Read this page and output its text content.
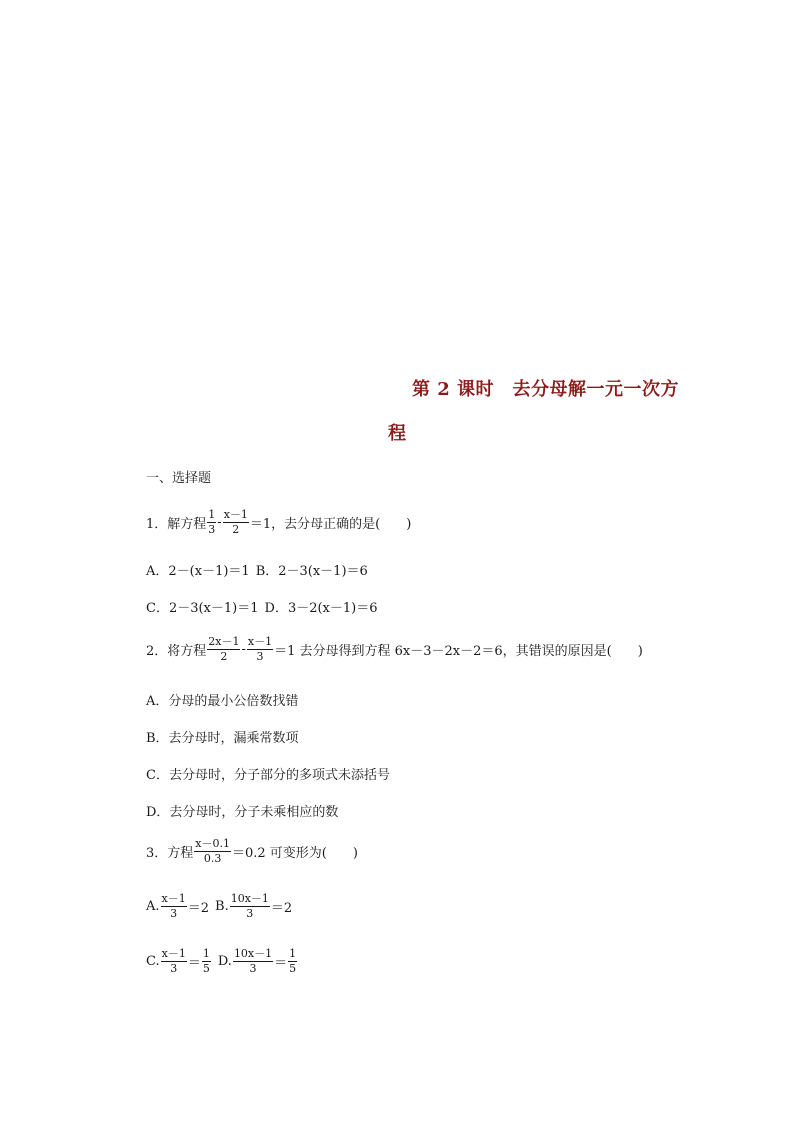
第 2 课时　去分母解一元一次方
程
一、选择题
1．解方程 $\frac{1}{3} - \frac{x-1}{2} =1$，去分母正确的是(　　)
A．2－(x－1)＝1 B．2－3(x－1)＝6
C．2－3(x－1)＝1 D．3－2(x－1)＝6
2．将方程 $\frac{2x-1}{2} - \frac{x-1}{3} =1$ 去分母得到方程 6x－3－2x－2＝6，其错误的原因是(　　)
A．分母的最小公倍数找错
B．去分母时，漏乘常数项
C．去分母时，分子部分的多项式未添括号
D．去分母时，分子未乘相应的数
3．方程 $\frac{x-0.1}{0.3} =0.2$ 可变形为(　　)
A. $\frac{x-1}{3} =2$ B. $\frac{10x-1}{3} =2$
C. $\frac{x-1}{3} = \frac{1}{5} D$. $\frac{10x-1}{3} = \frac{1}{5}$
